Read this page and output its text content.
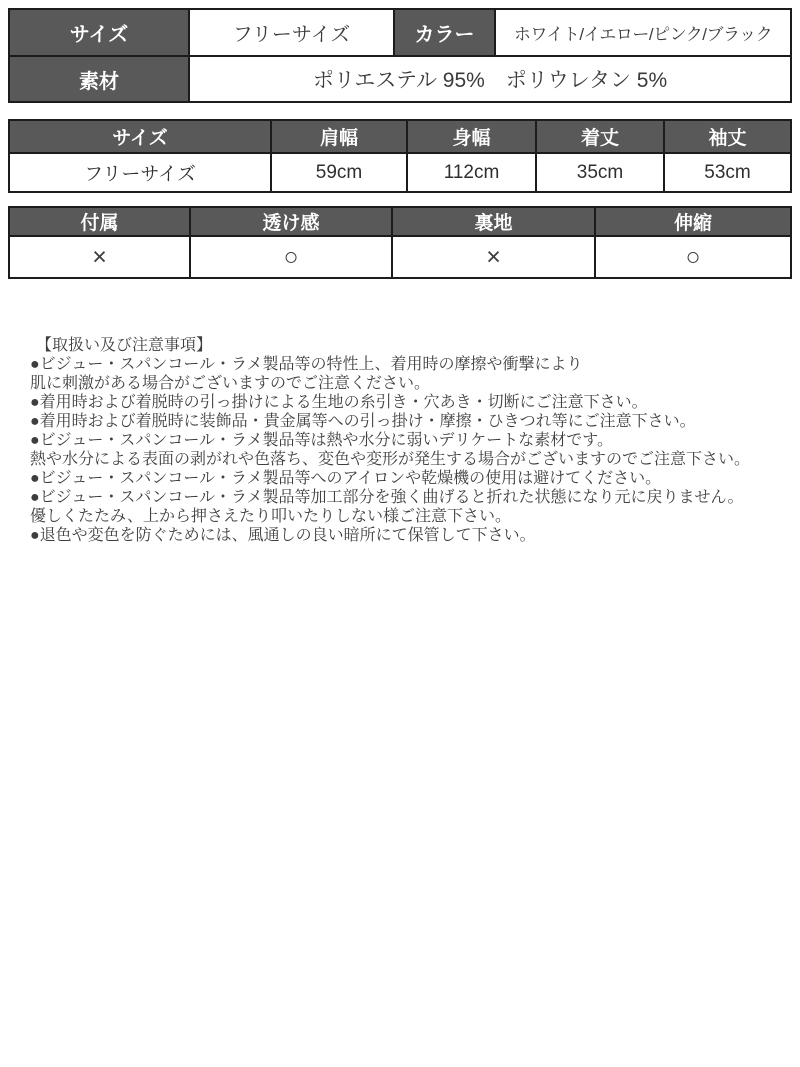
サイズ	フリーサイズ	カラー	ホワイト/イエロー/ピンク/ブラック
素材	ポリエステル 95%　ポリウレタン 5%
サイズ	肩幅	身幅	着丈	袖丈
フリーサイズ	59cm	112cm	35cm	53cm
付属	透け感	裏地	伸縮
×	○	×	○
【取扱い及び注意事項】
●ビジュー・スパンコール・ラメ製品等の特性上、着用時の摩擦や衝撃により
肌に刺激がある場合がございますのでご注意ください。
●着用時および着脱時の引っ掛けによる生地の糸引き・穴あき・切断にご注意下さい。
●着用時および着脱時に装飾品・貴金属等への引っ掛け・摩擦・ひきつれ等にご注意下さい。
●ビジュー・スパンコール・ラメ製品等は熱や水分に弱いデリケートな素材です。
熱や水分による表面の剥がれや色落ち、変色や変形が発生する場合がございますのでご注意下さい。
●ビジュー・スパンコール・ラメ製品等へのアイロンや乾燥機の使用は避けてください。
●ビジュー・スパンコール・ラメ製品等加工部分を強く曲げると折れた状態になり元に戻りません。
優しくたたみ、上から押さえたり叩いたりしない様ご注意下さい。
●退色や変色を防ぐためには、風通しの良い暗所にて保管して下さい。
